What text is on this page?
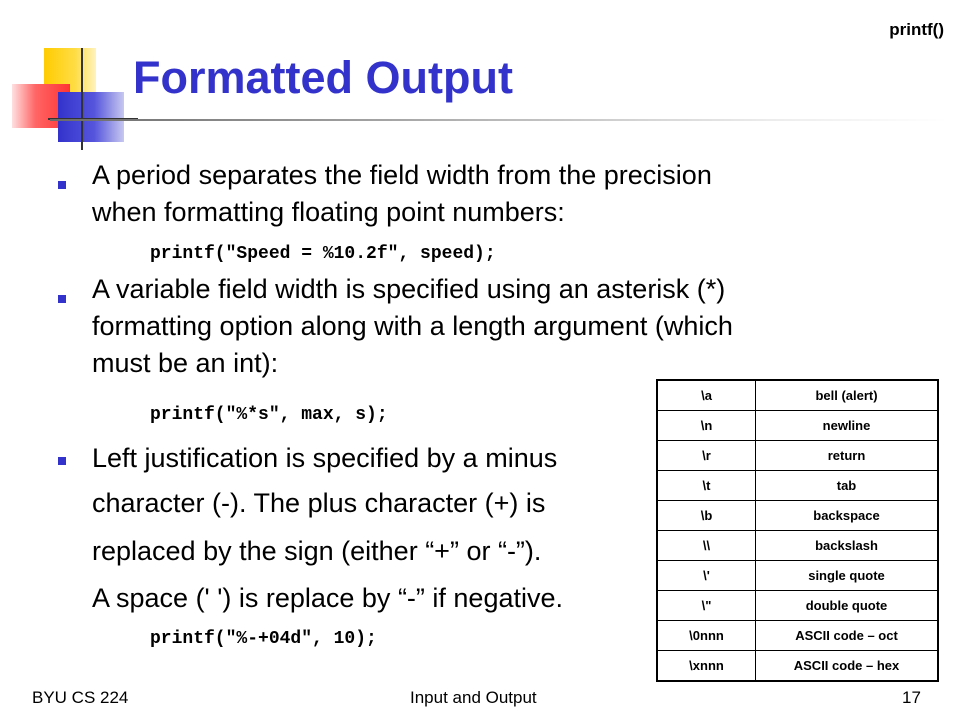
printf()
Formatted Output
A period separates the field width from the precision
when formatting floating point numbers:
printf("Speed = %10.2f", speed);
A variable field width is specified using an asterisk (*)
formatting option along with a length argument (which
must be an int):
printf("%*s", max, s);
Left justification is specified by a minus
character (-). The plus character (+) is
replaced by the sign (either “+” or “-”).
A space (' ') is replace by “-” if negative.
printf("%-+04d", 10);
\a	bell (alert)
\n	newline
\r	return
\t	tab
\b	backspace
\\	backslash
\'	single quote
\"	double quote
\0nnn	ASCII code – oct
\xnnn	ASCII code – hex
BYU CS 224	Input and Output	17
